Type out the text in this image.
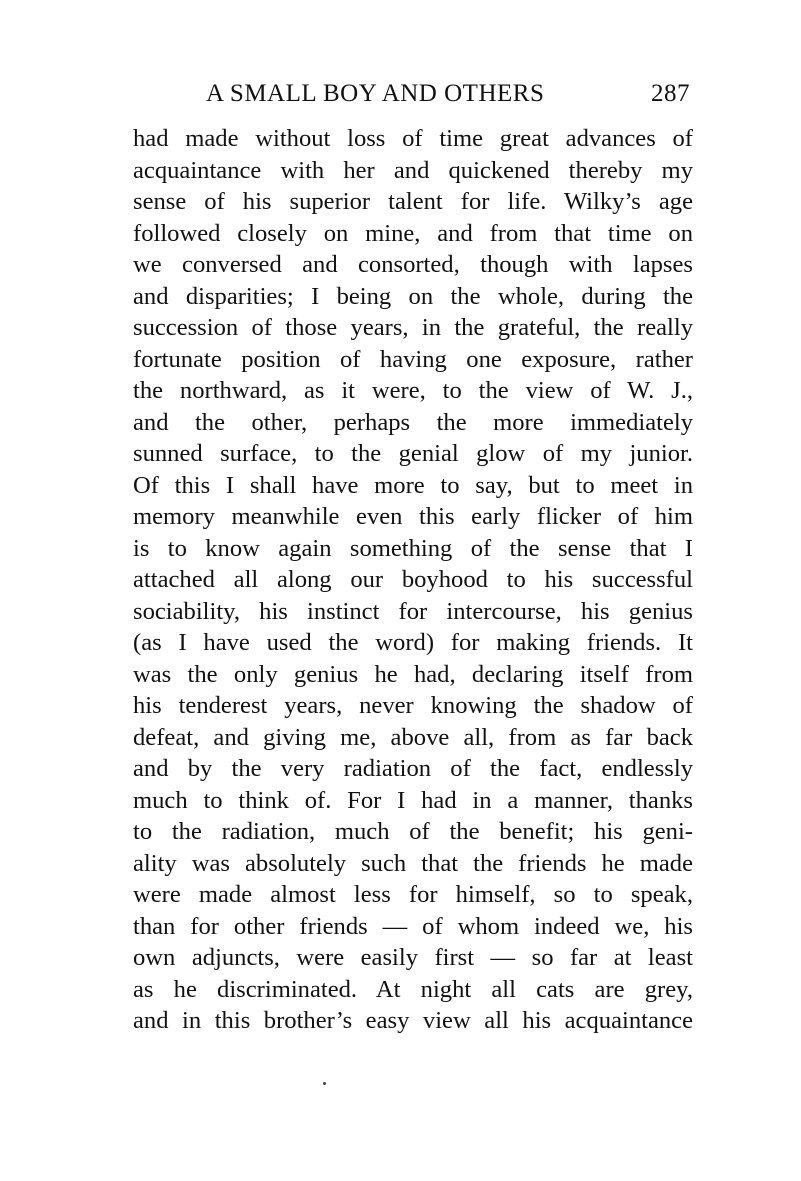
A SMALL BOY AND OTHERS	287
had made without loss of time great advances of
acquaintance with her and quickened thereby my
sense of his superior talent for life. Wilky’s age
followed closely on mine, and from that time on
we conversed and consorted, though with lapses
and disparities; I being on the whole, during the
succession of those years, in the grateful, the really
fortunate position of having one exposure, rather
the northward, as it were, to the view of W. J.,
and the other, perhaps the more immediately
sunned surface, to the genial glow of my junior.
Of this I shall have more to say, but to meet in
memory meanwhile even this early flicker of him
is to know again something of the sense that I
attached all along our boyhood to his successful
sociability, his instinct for intercourse, his genius
(as I have used the word) for making friends. It
was the only genius he had, declaring itself from
his tenderest years, never knowing the shadow of
defeat, and giving me, above all, from as far back
and by the very radiation of the fact, endlessly
much to think of. For I had in a manner, thanks
to the radiation, much of the benefit; his geni-
ality was absolutely such that the friends he made
were made almost less for himself, so to speak,
than for other friends — of whom indeed we, his
own adjuncts, were easily first — so far at least
as he discriminated. At night all cats are grey,
and in this brother’s easy view all his acquaintance
